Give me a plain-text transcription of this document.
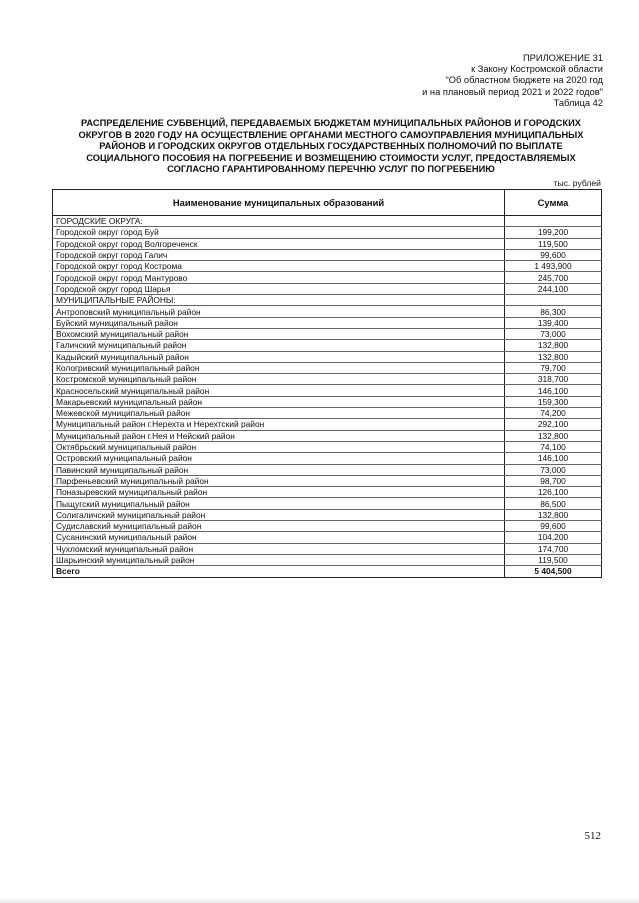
ПРИЛОЖЕНИЕ 31
к Закону Костромской области
"Об областном бюджете на 2020 год
и на плановый период 2021 и 2022 годов"
Таблица 42
РАСПРЕДЕЛЕНИЕ СУБВЕНЦИЙ, ПЕРЕДАВАЕМЫХ БЮДЖЕТАМ МУНИЦИПАЛЬНЫХ РАЙОНОВ И ГОРОДСКИХ
ОКРУГОВ В 2020 ГОДУ НА ОСУЩЕСТВЛЕНИЕ ОРГАНАМИ МЕСТНОГО САМОУПРАВЛЕНИЯ МУНИЦИПАЛЬНЫХ
РАЙОНОВ И ГОРОДСКИХ ОКРУГОВ ОТДЕЛЬНЫХ ГОСУДАРСТВЕННЫХ ПОЛНОМОЧИЙ ПО ВЫПЛАТЕ
СОЦИАЛЬНОГО ПОСОБИЯ НА ПОГРЕБЕНИЕ И ВОЗМЕЩЕНИЮ СТОИМОСТИ УСЛУГ, ПРЕДОСТАВЛЯЕМЫХ
СОГЛАСНО ГАРАНТИРОВАННОМУ ПЕРЕЧНЮ УСЛУГ ПО ПОГРЕБЕНИЮ
тыс. рублей
Наименование муниципальных образований	Сумма
ГОРОДСКИЕ ОКРУГА:	
Городской округ город Буй	199,200
Городской округ город Волгореченск	119,500
Городской округ город Галич	99,600
Городской округ город Кострома	1 493,900
Городской округ город Мантурово	245,700
Городской округ город Шарья	244,100
МУНИЦИПАЛЬНЫЕ РАЙОНЫ:	
Антроповский муниципальный район	86,300
Буйский муниципальный район	139,400
Вохомский муниципальный район	73,000
Галичский муниципальный район	132,800
Кадыйский муниципальный район	132,800
Кологривский муниципальный район	79,700
Костромской муниципальный район	318,700
Красносельский муниципальный район	146,100
Макарьевский муниципальный район	159,300
Межевской муниципальный район	74,200
Муниципальный район г.Нерехта и Нерехтский район	292,100
Муниципальный район г.Нея и Нейский район	132,800
Октябрьский муниципальный район	74,100
Островский муниципальный район	146,100
Павинский муниципальный район	73,000
Парфеньевский муниципальный район	98,700
Поназыревский муниципальный район	126,100
Пыщугский муниципальный район	86,500
Солигаличский муниципальный район	132,800
Судиславский муниципальный район	99,600
Сусанинский муниципальный район	104,200
Чухломский муниципальный район	174,700
Шарьинский муниципальный район	119,500
Всего	5 404,500
512
